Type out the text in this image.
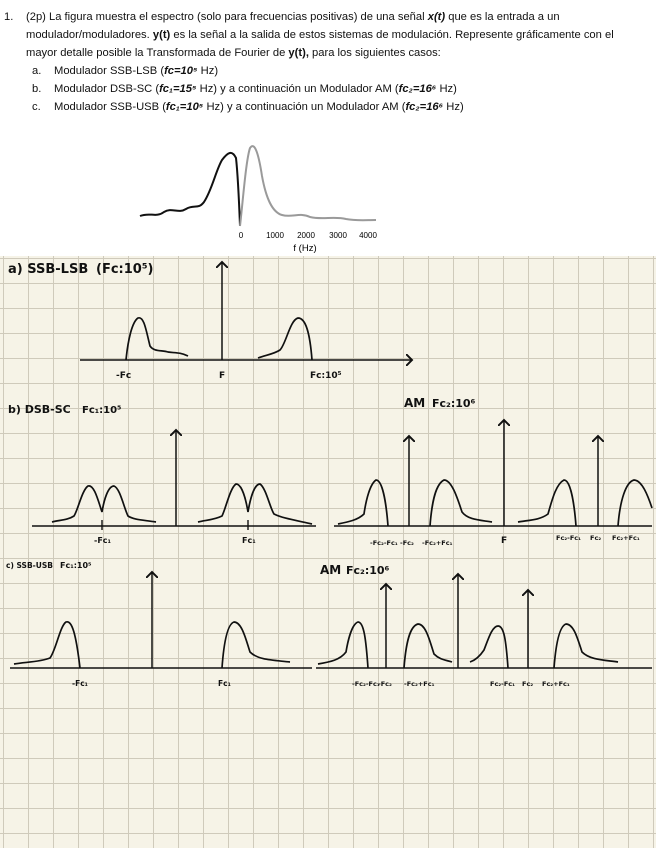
1. (2p) La figura muestra el espectro (solo para frecuencias positivas) de una señal x(t) que es la entrada a un modulador/moduladores. y(t) es la señal a la salida de estos sistemas de modulación. Represente gráficamente con el mayor detalle posible la Transformada de Fourier de y(t), para los siguientes casos:
a. Modulador SSB-LSB (fc=10⁵ Hz)
b. Modulador DSB-SC (fc₁=15⁵ Hz) y a continuación un Modulador AM (fc₂=16⁶ Hz)
c. Modulador SSB-USB (fc₁=10⁵ Hz) y a continuación un Modulador AM (fc₂=16⁶ Hz)
0	1000 2000 3000 4000
f (Hz)
a) SSB-LSB (Fc:10⁵)
-Fc	F	Fc:10⁵
b) DSB-SC Fc₁:10⁵
-Fc₁	Fc₁
AM Fc₂:10⁶
-Fc₂-Fc₁ -Fc₂ -Fc₂+Fc₁	F	Fc₂-Fc₁ Fc₂ Fc₂+Fc₁
c) SSB-USB Fc₁:10⁵
-Fc₁	Fc₁
AM Fc₂:10⁶
-Fc₂-Fc₁
-Fc₂ -Fc₂+Fc₁	Fc₂-Fc₁ Fc₂ Fc₂+Fc₁
